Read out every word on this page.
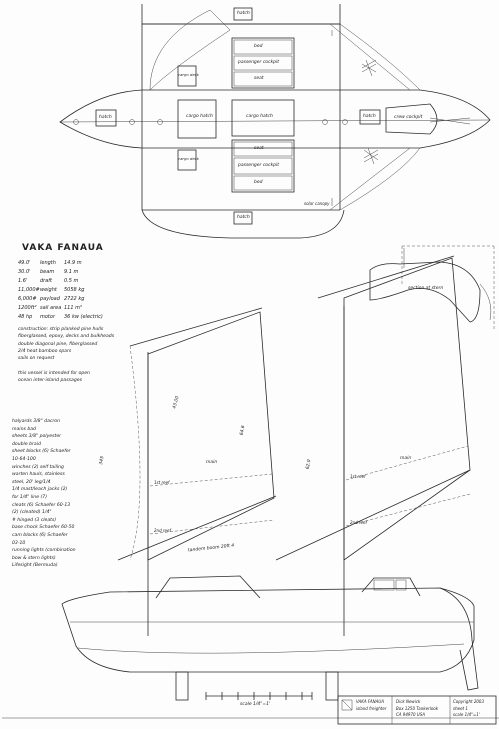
bed
passenger cockpit
seat
cargo hatch	cargo hatch
seat
passenger cockpit
bed
hatch	hatch
hatch
hatch
cargo deck
cargo deck
crew cockpit
solar canopy
VAKA FANAUA
49.0' length 14.9 m
30.0' beam 9.1 m
1.6'	draft 0.5 m
11,000#weight 5058 kg
6,000# payload 2722 kg
1200ft² sail area 111 m²
48 hp motor 36 kw (electric)
construction: strip planked pine hulls
fiberglassed, epoxy, decks and bulkheads
double diagonal pine, fiberglassed
2/4 heat bamboo spars
sails on request
this vessel is intended for open
ocean inter-island passages
halyards 3/8" dacron
mains bad
sheets 3/8" polyester
double braid
sheet blocks (6) Schaefer
10-64-100
winches (2) self tailing
warten hauls, stainless
steel, 20' leg/1/4
1/4 mast/leach jacks (2)
for 1/4" line (7)
cleats (6) Schaefer 60-13
(2) (cleated) 1/4"
# hinged (3 cleats)
base chock Schaefer 60-50
cam blocks (6) Schaefer
03-10
running lights (combination
bow & stern lights)
Lifesight (Bermuda)
345
64.6
main
43.00
62.0
main
1st reef
2nd reef
1st reef
2nd reef
tandem boom 20ft 4
section at stern
scale 1/4"=1'
VAKA FANAUA
island freighter
Dick Newick
Box 1250 Tankerlook
CA 94970 USA
Copyright 2003
sheet 1
scale 1/4"=1'
